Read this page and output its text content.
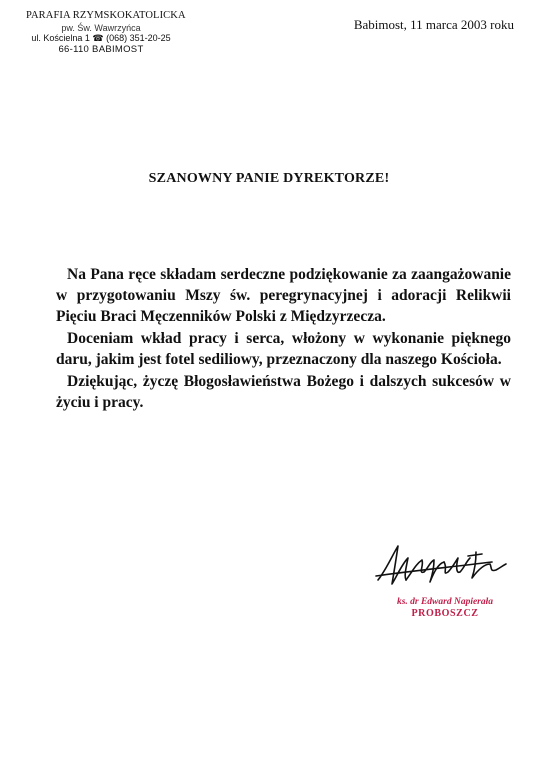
PARAFIA RZYMSKOKATOLICKA
pw. Św. Wawrzyńca
ul. Kościelna 1 ☎ (068) 351-20-25
66-110 BABIMOST
Babimost, 11 marca 2003 roku
SZANOWNY PANIE DYREKTORZE!

Na Pana ręce składam serdeczne podziękowanie za zaangażowanie w przygotowaniu Mszy św. peregrynacyjnej i adoracji Relikwii Pięciu Braci Męczenników Polski z Międzyrzecza.

Doceniam wkład pracy i serca, włożony w wykonanie pięknego daru, jakim jest fotel sediliowy, przeznaczony dla naszego Kościoła.

Dziękując, życzę Błogosławieństwa Bożego i dalszych sukcesów w życiu i pracy.

ks. dr Edward Napierała
PROBOSZCZ
